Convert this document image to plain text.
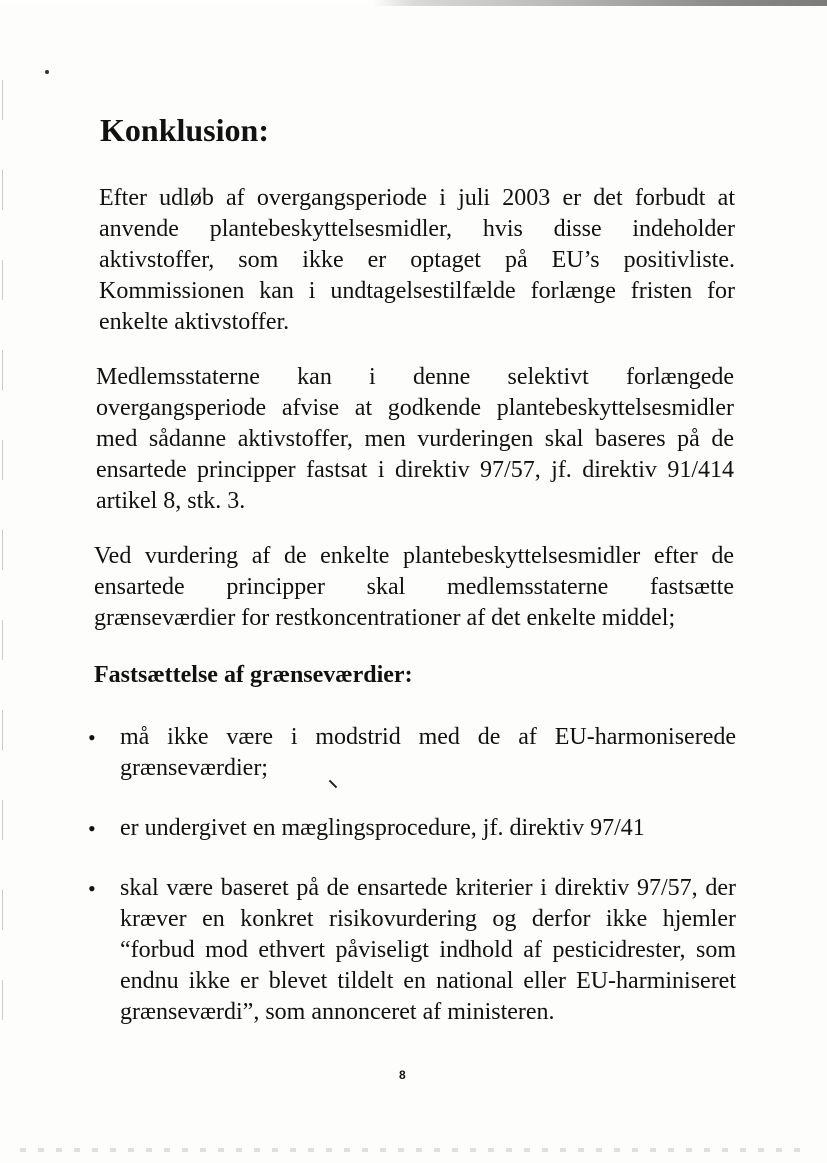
Konklusion:

Efter udløb af overgangsperiode i juli 2003 er det forbudt at anvende plantebeskyttelsesmidler, hvis disse indeholder aktivstoffer, som ikke er optaget på EU’s positivliste. Kommissionen kan i undtagelsestilfælde forlænge fristen for enkelte aktivstoffer.

Medlemsstaterne kan i denne selektivt forlængede overgangsperiode afvise at godkende plantebeskyttelsesmidler med sådanne aktivstoffer, men vurderingen skal baseres på de ensartede principper fastsat i direktiv 97/57, jf. direktiv 91/414 artikel 8, stk. 3.

Ved vurdering af de enkelte plantebeskyttelsesmidler efter de ensartede principper skal medlemsstaterne fastsætte grænseværdier for restkoncentrationer af det enkelte middel;

Fastsættelse af grænseværdier:
• må ikke være i modstrid med de af EU-harmoniserede grænseværdier;
• er undergivet en mæglingsprocedure, jf. direktiv 97/41
• skal være baseret på de ensartede kriterier i direktiv 97/57, der kræver en konkret risikovurdering og derfor ikke hjemler “forbud mod ethvert påviseligt indhold af pesticidrester, som endnu ikke er blevet tildelt en national eller EU-harminiseret grænseværdi”, som annonceret af ministeren.
8
